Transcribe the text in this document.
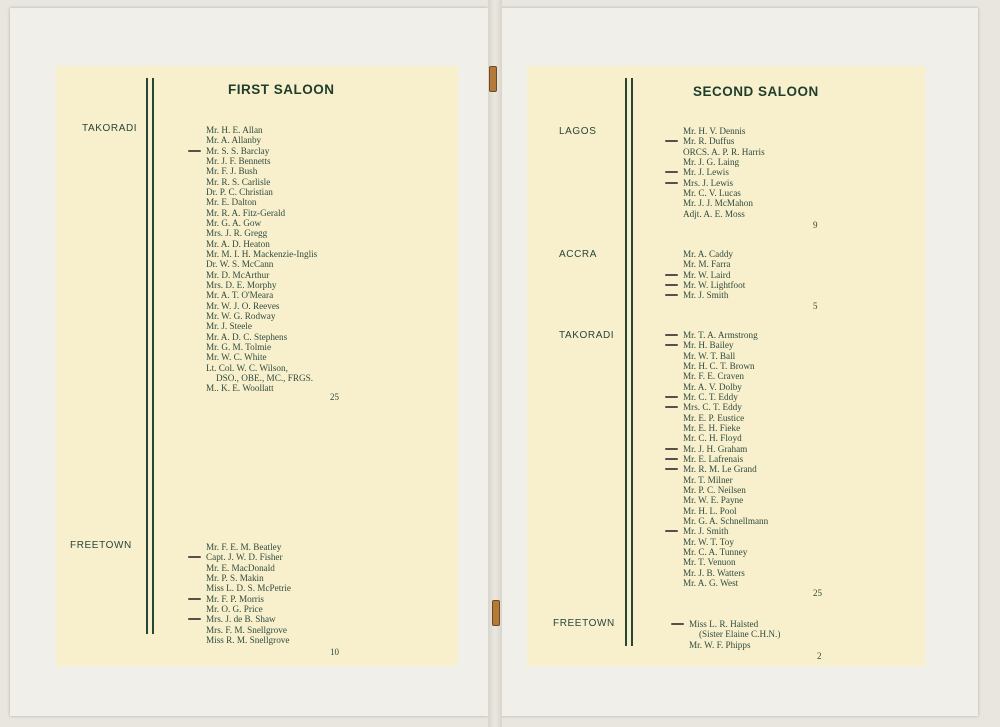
FIRST SALOON
TAKORADI	Mr. H. E. Allan
Mr. A. Allanby
Mr. S. S. Barclay
Mr. J. F. Bennetts
Mr. F. J. Bush
Mr. R. S. Carlisle
Dr. P. C. Christian
Mr. E. Dalton
Mr. R. A. Fitz-Gerald
Mr. G. A. Gow
Mrs. J. R. Gregg
Mr. A. D. Heaton
Mr. M. I. H. Mackenzie-Inglis
Dr. W. S. McCann
Mr. D. McArthur
Mrs. D. E. Morphy
Mr. A. T. O'Meara
Mr. W. J. O. Reeves
Mr. W. G. Rodway
Mr. J. Steele
Mr. A. D. C. Stephens
Mr. G. M. Tolmie
Mr. W. C. White
Lt. Col. W. C. Wilson,
DSO., OBE., MC., FRGS.
M.. K. E. Woollatt
25
FREETOWN	Mr. F. E. M. Beatley
Capt. J. W. D. Fisher
Mr. E. MacDonald
Mr. P. S. Makin
Miss L. D. S. McPetrie
Mr. F. P. Morris
Mr. O. G. Price
Mrs. J. de B. Shaw
Mrs. F. M. Snellgrove
Miss R. M. Snellgrove
10
SECOND SALOON
LAGOS	Mr. H. V. Dennis
Mr. R. Duffus
ORCS. A. P. R. Harris
Mr. J. G. Laing
Mr. J. Lewis
Mrs. J. Lewis
Mr. C. V. Lucas
Mr. J. J. McMahon
Adjt. A. E. Moss
9
ACCRA	Mr. A. Caddy
Mr. M. Farra
Mr. W. Laird
Mr. W. Lightfoot
Mr. J. Smith
5
TAKORADI	Mr. T. A. Armstrong
Mr. H. Bailey
Mr. W. T. Ball
Mr. H. C. T. Brown
Mr. F. E. Craven
Mr. A. V. Dolby
Mr. C. T. Eddy
Mrs. C. T. Eddy
Mr. E. P. Eustice
Mr. E. H. Fieke
Mr. C. H. Floyd
Mr. J. H. Graham
Mr. E. Lafrenais
Mr. R. M. Le Grand
Mr. T. Milner
Mr. P. C. Neilsen
Mr. W. E. Payne
Mr. H. L. Pool
Mr. G. A. Schnellmann
Mr. J. Smith
Mr. W. T. Toy
Mr. C. A. Tunney
Mr. T. Venuon
Mr. J. B. Watters
Mr. A. G. West
25
FREETOWN	Miss L. R. Halsted
(Sister Elaine C.H.N.)
Mr. W. F. Phipps
2
